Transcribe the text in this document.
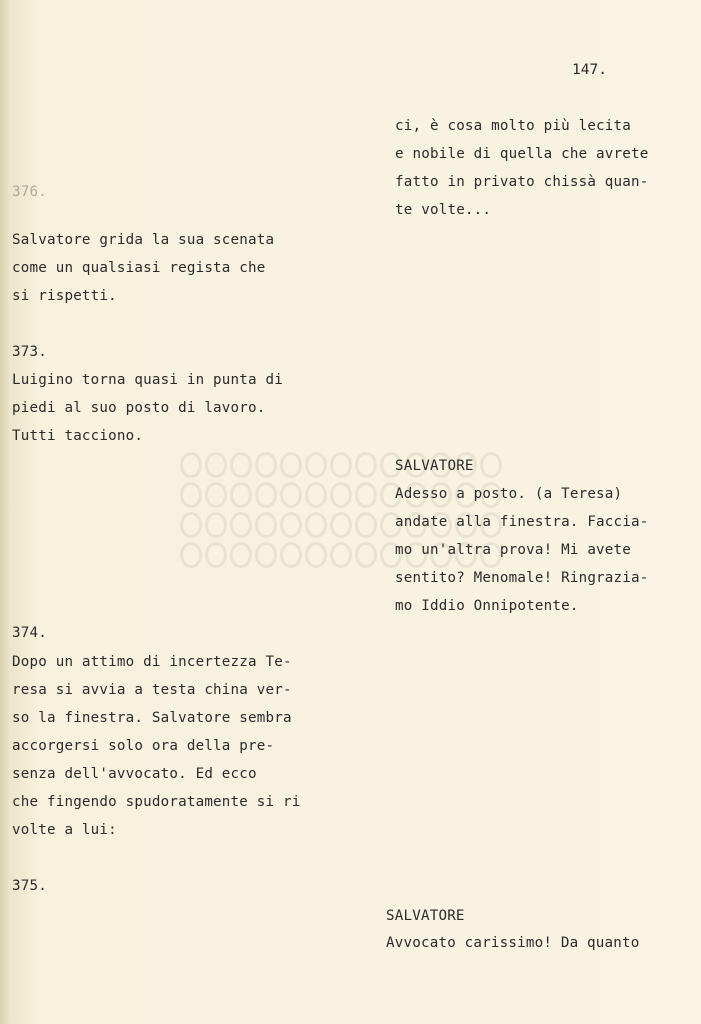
147.
376.
Salvatore grida la sua scenata
come un qualsiasi regista che
si rispetti.
373.
Luigino torna quasi in punta di
piedi al suo posto di lavoro.
Tutti tacciono.
374.
Dopo un attimo di incertezza Te-
resa si avvia a testa china ver-
so la finestra. Salvatore sembra
accorgersi solo ora della pre-
senza dell'avvocato. Ed ecco
che fingendo spudoratamente si ri
volte a lui:
375.
ci, è cosa molto più lecita
e nobile di quella che avrete
fatto in privato chissà quan-
te volte...
SALVATORE
Adesso a posto. (a Teresa)
andate alla finestra. Faccia-
mo un'altra prova! Mi avete
sentito? Menomale! Ringrazia-
mo Iddio Onnipotente.
SALVATORE
Avvocato carissimo! Da quanto
